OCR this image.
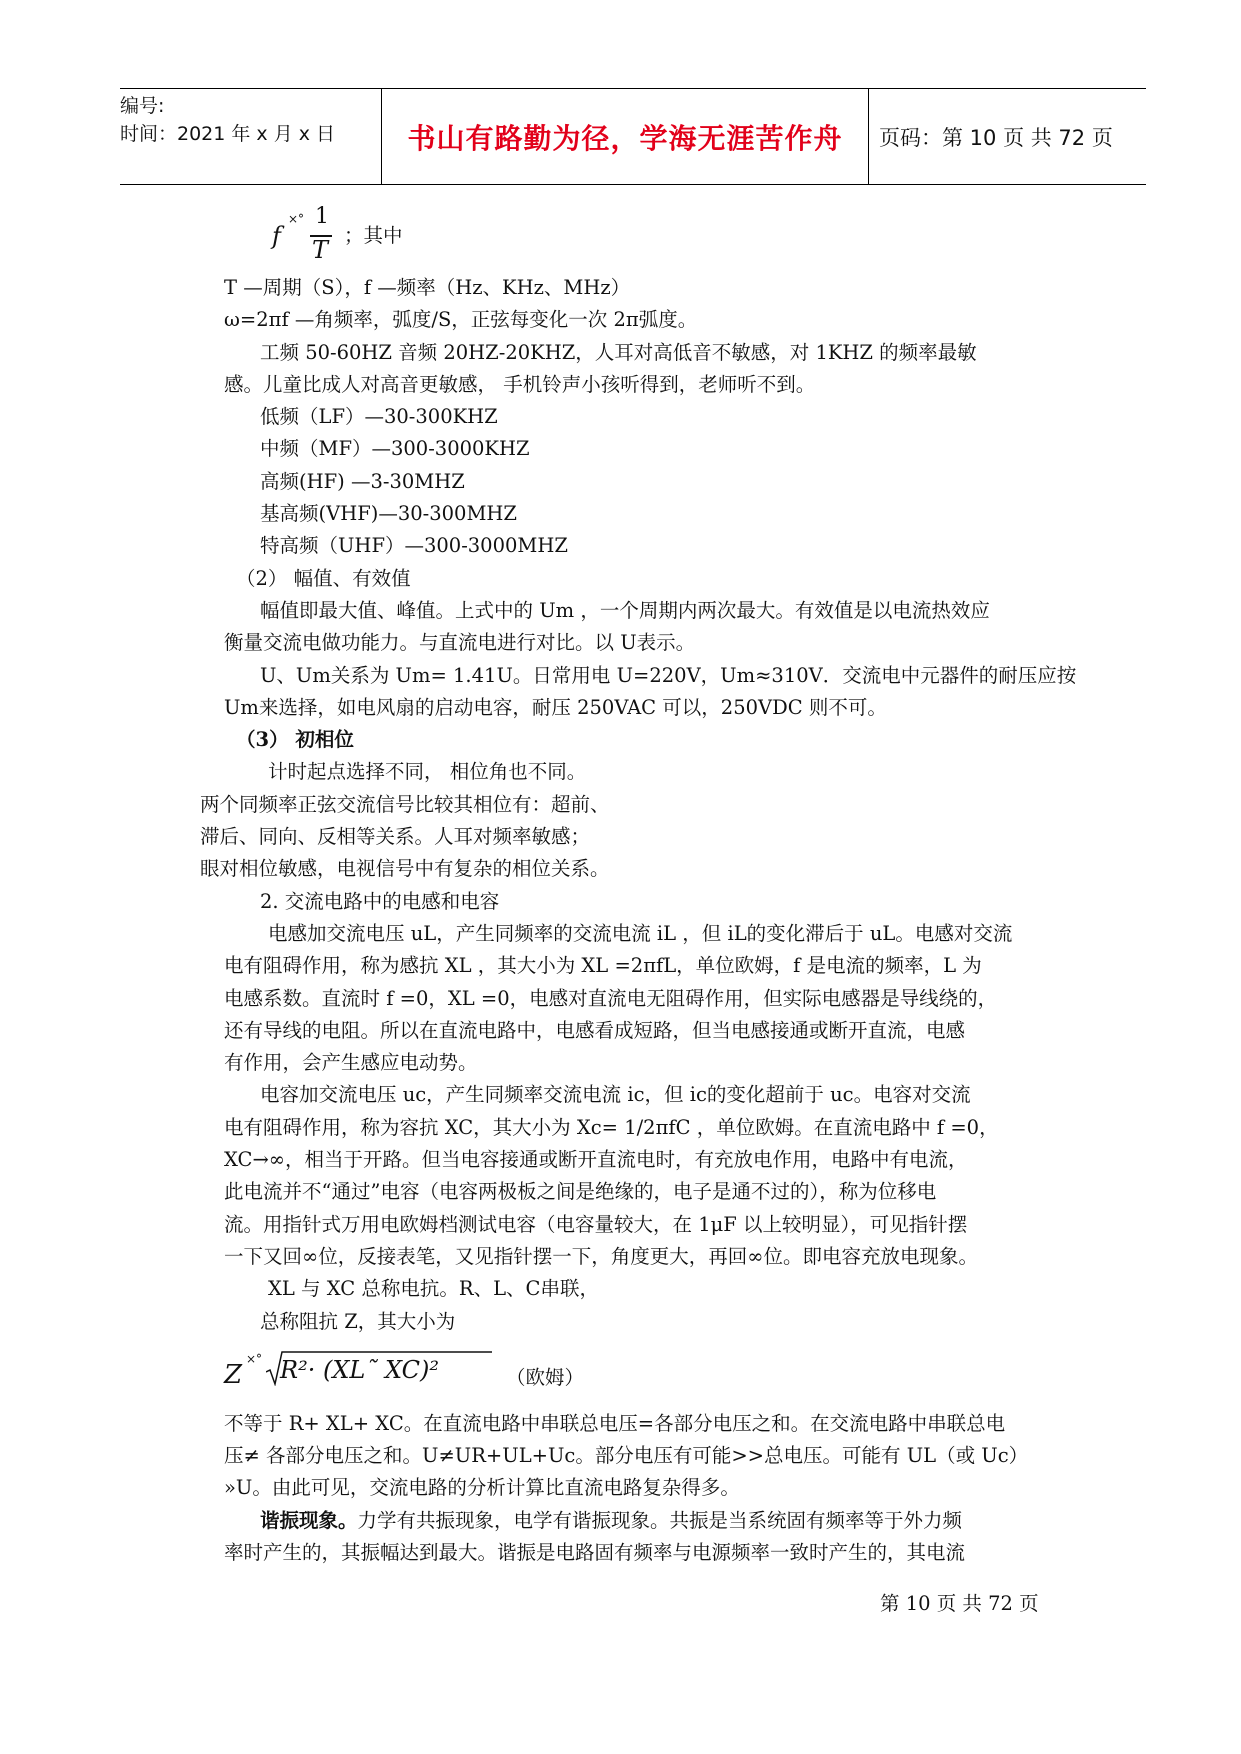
编号:
时间：2021 年 x 月 x 日	书山有路勤为径，学海无涯苦作舟	页码：第 10 页 共 72 页
f
×° 1
T
；其中
T —周期（S），f —频率（Hz、KHz、MHz）
ω=2πf —角频率，弧度/S，正弦每变化一次 2π弧度。
工频 50-60HZ 音频 20HZ-20KHZ，人耳对高低音不敏感，对 1KHZ 的频率最敏
感。儿童比成人对高音更敏感， 手机铃声小孩听得到，老师听不到。
低频（LF）—30-300KHZ
中频（MF）—300-3000KHZ
高频(HF) —3-30MHZ
基高频(VHF)—30-300MHZ
特高频（UHF）—300-3000MHZ
（2） 幅值、有效值
幅值即最大值、峰值。上式中的 Um ，一个周期内两次最大。有效值是以电流热效应
衡量交流电做功能力。与直流电进行对比。以 U表示。
U、Um关系为 Um= 1.41U。日常用电 U=220V，Um≈310V．交流电中元器件的耐压应按
Um来选择，如电风扇的启动电容，耐压 250VAC 可以，250VDC 则不可。
（3） 初相位
计时起点选择不同， 相位角也不同。
两个同频率正弦交流信号比较其相位有：超前、
滞后、同向、反相等关系。人耳对频率敏感；
眼对相位敏感，电视信号中有复杂的相位关系。
2. 交流电路中的电感和电容
电感加交流电压 uL，产生同频率的交流电流 iL ，但 iL的变化滞后于 uL。电感对交流
电有阻碍作用，称为感抗 XL ，其大小为 XL =2πfL，单位欧姆，f 是电流的频率，L 为
电感系数。直流时 f =0，XL =0，电感对直流电无阻碍作用，但实际电感器是导线绕的，
还有导线的电阻。所以在直流电路中，电感看成短路，但当电感接通或断开直流，电感
有作用，会产生感应电动势。
电容加交流电压 uc，产生同频率交流电流 ic，但 ic的变化超前于 uc。电容对交流
电有阻碍作用，称为容抗 XC，其大小为 Xc= 1/2πfC ，单位欧姆。在直流电路中 f =0，
XC→∞，相当于开路。但当电容接通或断开直流电时，有充放电作用，电路中有电流，
此电流并不“通过”电容（电容两极板之间是绝缘的，电子是通不过的），称为位移电
流。用指针式万用电欧姆档测试电容（电容量较大，在 1μF 以上较明显），可见指针摆
一下又回∞位，反接表笔，又见指针摆一下，角度更大，再回∞位。即电容充放电现象。
XL 与 XC 总称电抗。R、L、C串联，
总称阻抗 Z，其大小为
Z
×° R²· (XL˜ XC)²	（欧姆）
不等于 R+ XL+ XC。在直流电路中串联总电压=各部分电压之和。在交流电路中串联总电
压≠ 各部分电压之和。U≠UR+UL+Uc。部分电压有可能>>总电压。可能有 UL（或 Uc）
»U。由此可见，交流电路的分析计算比直流电路复杂得多。
谐振现象。力学有共振现象，电学有谐振现象。共振是当系统固有频率等于外力频
率时产生的，其振幅达到最大。谐振是电路固有频率与电源频率一致时产生的，其电流
第 10 页 共 72 页
